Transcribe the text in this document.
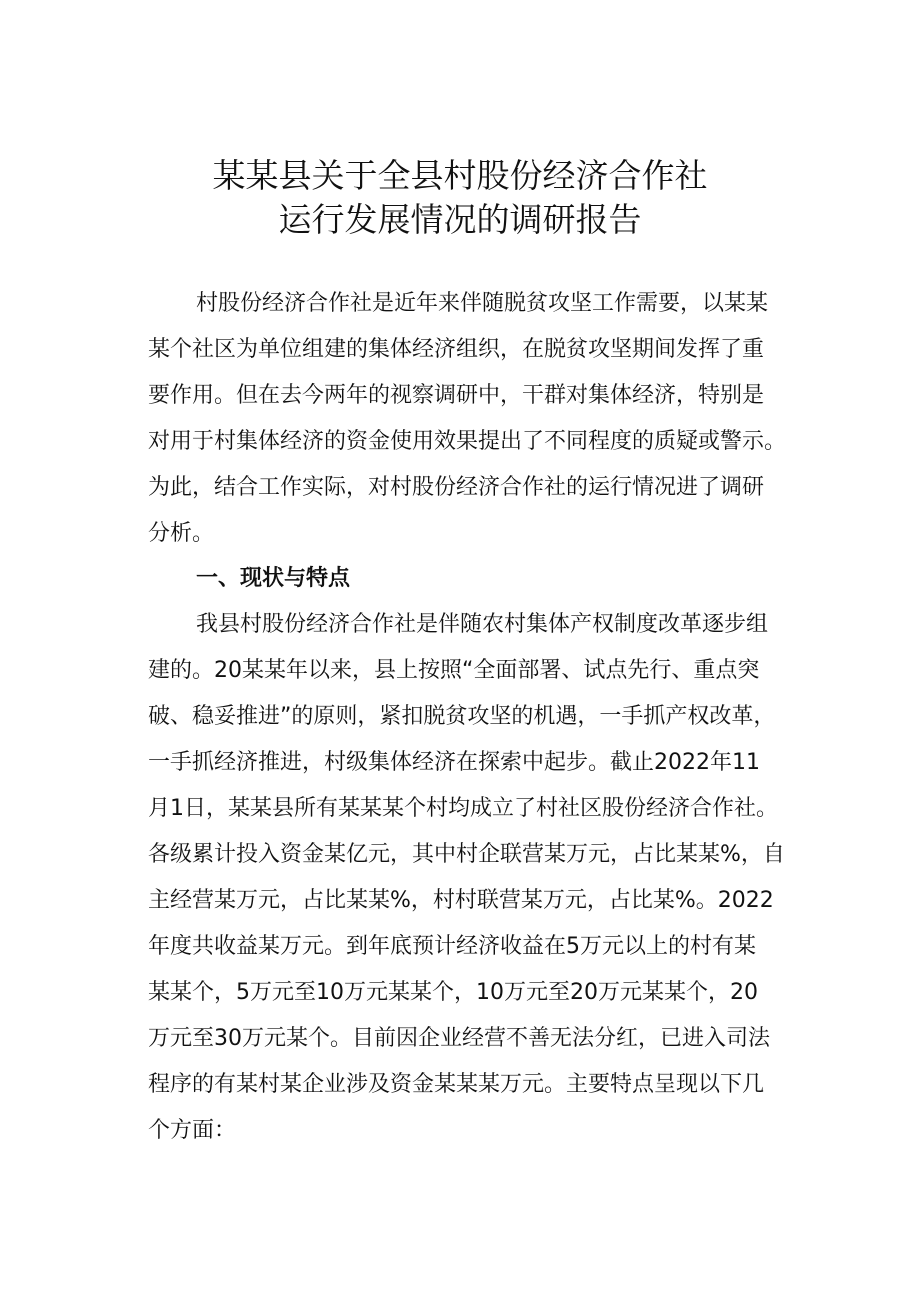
某某县关于全县村股份经济合作社
运行发展情况的调研报告
村股份经济合作社是近年来伴随脱贫攻坚工作需要，以某某
某个社区为单位组建的集体经济组织，在脱贫攻坚期间发挥了重
要作用。但在去今两年的视察调研中，干群对集体经济，特别是
对用于村集体经济的资金使用效果提出了不同程度的质疑或警示。
为此，结合工作实际，对村股份经济合作社的运行情况进了调研
分析。
一、现状与特点
我县村股份经济合作社是伴随农村集体产权制度改革逐步组
建的。20某某年以来，县上按照“全面部署、试点先行、重点突
破、稳妥推进”的原则，紧扣脱贫攻坚的机遇，一手抓产权改革，
一手抓经济推进，村级集体经济在探索中起步。截止2022年11
月1日，某某县所有某某某个村均成立了村社区股份经济合作社。
各级累计投入资金某亿元，其中村企联营某万元，占比某某%，自
主经营某万元，占比某某%，村村联营某万元，占比某%。2022
年度共收益某万元。到年底预计经济收益在5万元以上的村有某
某某个，5万元至10万元某某个，10万元至20万元某某个，20
万元至30万元某个。目前因企业经营不善无法分红，已进入司法
程序的有某村某企业涉及资金某某某万元。主要特点呈现以下几
个方面：
